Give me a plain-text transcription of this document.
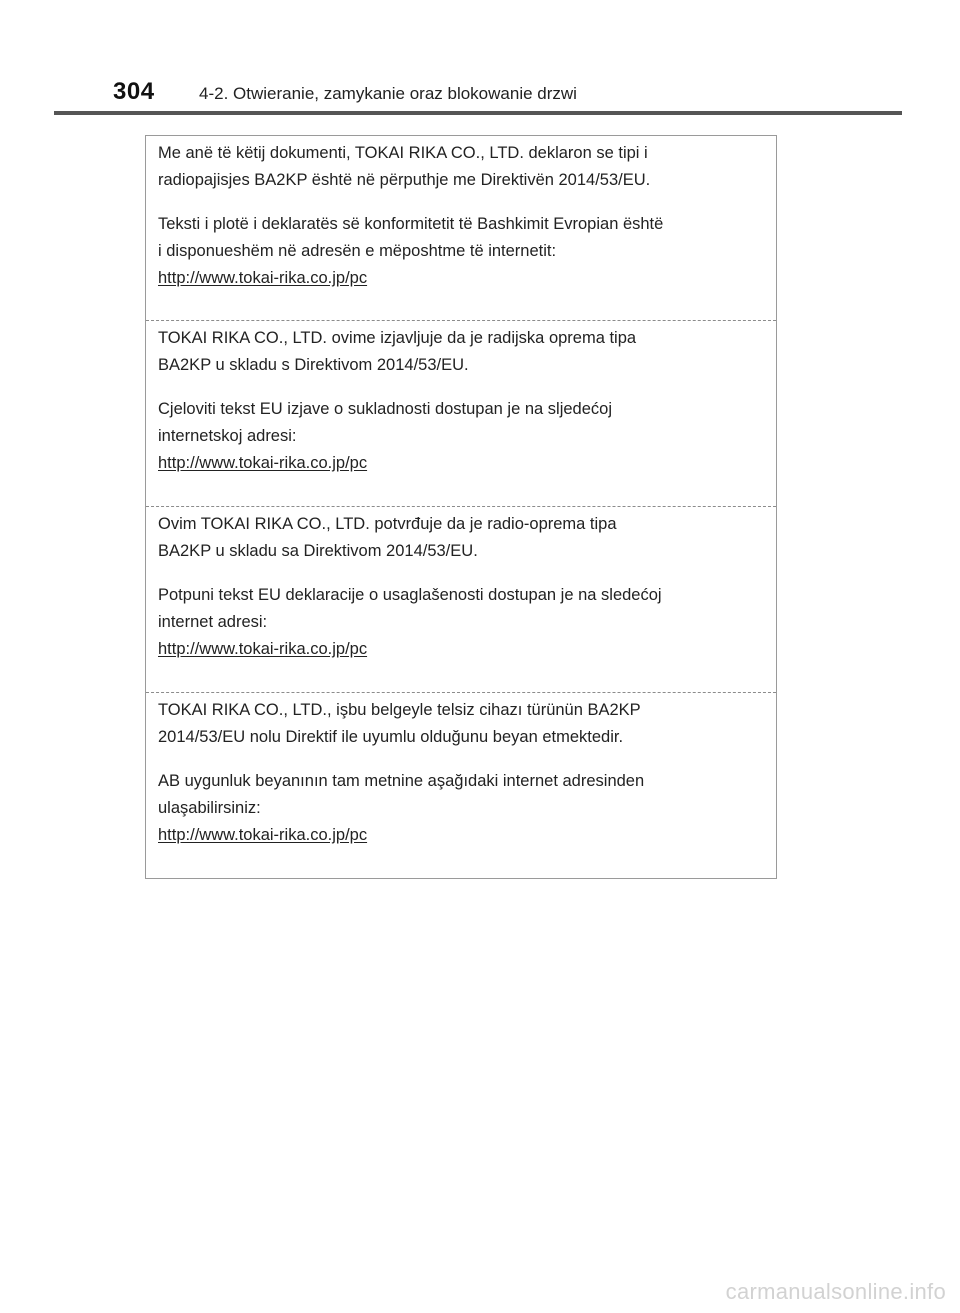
304	4-2. Otwieranie, zamykanie oraz blokowanie drzwi
Me anë të këtij dokumenti, TOKAI RIKA CO., LTD. deklaron se tipi i
radiopajisjes BA2KP është në përputhje me Direktivën 2014/53/EU.
Teksti i plotë i deklaratës së konformitetit të Bashkimit Evropian është
i disponueshëm në adresën e mëposhtme të internetit:
http://www.tokai-rika.co.jp/pc
TOKAI RIKA CO., LTD. ovime izjavljuje da je radijska oprema tipa
BA2KP u skladu s Direktivom 2014/53/EU.
Cjeloviti tekst EU izjave o sukladnosti dostupan je na sljedećoj
internetskoj adresi:
http://www.tokai-rika.co.jp/pc
Ovim TOKAI RIKA CO., LTD. potvrđuje da je radio-oprema tipa
BA2KP u skladu sa Direktivom 2014/53/EU.
Potpuni tekst EU deklaracije o usaglašenosti dostupan je na sledećoj
internet adresi:
http://www.tokai-rika.co.jp/pc
TOKAI RIKA CO., LTD., işbu belgeyle telsiz cihazı türünün BA2KP
2014/53/EU nolu Direktif ile uyumlu olduğunu beyan etmektedir.
AB uygunluk beyanının tam metnine aşağıdaki internet adresinden
ulaşabilirsiniz:
http://www.tokai-rika.co.jp/pc
carmanualsonline.info
